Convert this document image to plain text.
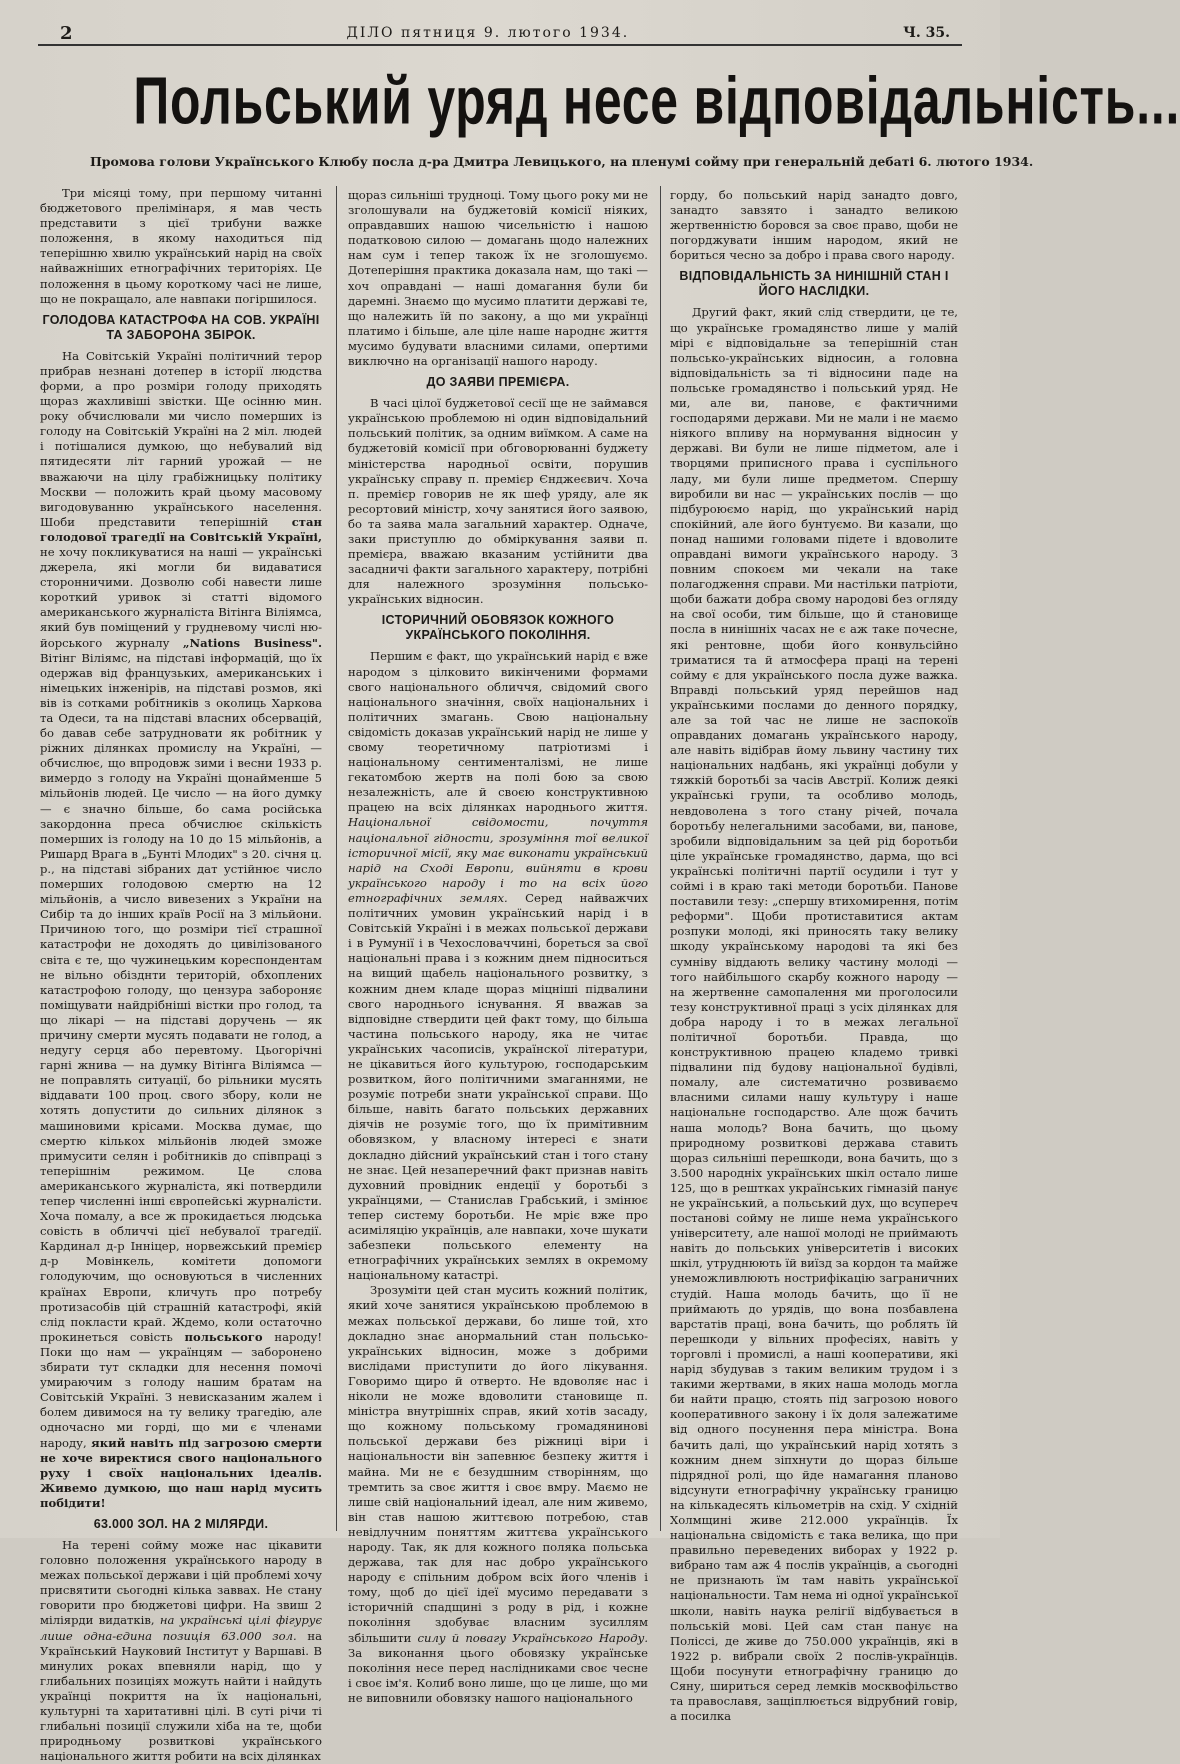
2	ДІЛО пятниця 9. лютого 1934.	Ч. 35.
Польський уряд несе відповідальність...
Промова голови Українського Клюбу посла д-ра Дмитра Левицького, на пленумі сойму при генеральній дебаті 6. лютого 1934.

Три місяці тому, при першому читанні бюджетового прелімінаря, я мав честь представити з цієї трибуни важке положення, в якому находиться під теперішню хвилю український нарід на своїх найважніших етнографічних територіях. Це положення в цьому короткому часі не лише, що не покращало, але навпаки погіршилося.

ГОЛОДОВА КАТАСТРОФА НА СОВ. УКРАЇНІ ТА ЗАБОРОНА ЗБІРОК.

На Совітській Україні політичний терор прибрав незнані дотепер в історії людства форми, а про розміри голоду приходять щораз жахливіші звістки. Ще осінню мин. року обчислювали ми число померших із голоду на Совітській Україні на 2 міл. людей і потішалися думкою, що небувалий від пятидесяти літ гарний урожай — не вважаючи на цілу грабіжницьку політику Москви — положить край цьому масовому вигодовуванню українського населення. Шоби представити теперішній стан голодової трагедії на Совітській Україні, не хочу покликуватися на наші — українські джерела, які могли би видаватися сторонничими. Дозволю собі навести лише короткий уривок зі статті відомого американського журналіста Вітінга Віліямса, який був поміщений у грудневому числі ню-йорського журналу „Nations Business". Вітінг Віліямс, на підставі інформацій, що їх одержав від французьких, американських і німецьких інженірів, на підставі розмов, які вів із сотками робітників з околиць Харкова та Одеси, та на підставі власних обсервацій, бо давав себе затрудновати як робітник у ріжних ділянках промислу на Україні, — обчислює, що впродовж зими і весни 1933 р. вимердо з голоду на Україні щонайменше 5 мільйонів людей. Це число — на його думку — є значно більше, бо сама російська закордонна преса обчислює скількість померших із голоду на 10 до 15 мільйонів, а Ришард Врага в „Бунті Млодих" з 20. січня ц. р., на підставі зібраних дат устійнює число померших голодовою смертю на 12 мільйонів, а число вивезених з України на Сибір та до інших країв Росії на 3 мільйони. Причиною того, що розміри тієї страшної катастрофи не доходять до цивілізованого світа є те, що чужинецьким кореспондентам не вільно обізднти територій, обхоплених катастрофою голоду, що цензура забороняє поміщувати найдрібніші вістки про голод, та що лікарі — на підставі доручень — як причину смерти мусять подавати не голод, а недугу серця або перевтому. Цьогорічні гарні жнива — на думку Вітінга Віліямса — не поправлять ситуації, бо рільники мусять віддавати 100 проц. свого збору, коли не хотять допустити до сильних ділянок з машиновими крісами. Москва думає, що смертю кількох мільйонів людей зможе примусити селян і робітників до співпраці з теперішнім режимом. Це слова американського журналіста, які потвердили тепер численні інші європейські журналісти. Хоча помалу, а все ж прокидається людська совість в обличчі цієї небувалої трагедії. Кардинал д-р Інніцер, норвежський премієр д-р Мовінкель, комітети допомоги голодуючим, що основуються в численних країнах Европи, кличуть про потребу протизасобів цій страшній катастрофі, якій слід покласти край. Ждемо, коли остаточно прокинеться совість польського народу! Поки що нам — українцям — заборонено збирати тут складки для несення помочі умираючим з голоду нашим братам на Совітській Україні. З невисказаним жалем і болем дивимося на ту велику трагедію, але одночасно ми горді, що ми є членами народу, який навіть під загрозою смерти не хоче виректися свого національного руху і своїх національних ідеалів. Живемо думкою, що наш нарід мусить побідити!

63.000 ЗОЛ. НА 2 МІЛЯРДИ.

На терені сойму може нас цікавити головно положення українського народу в межах польської держави і цій проблемі хочу присвятити сьогодні кілька заввах. Не стану говорити про бюджетові цифри. На звиш 2 міліярди видатків, на українські цілі фігурує лише одна-єдина позиція 63.000 зол. на Український Науковий Інститут у Варшаві. В минулих роках впевняли нарід, що у глибальних позиціях можуть найти і найдуть українці покриття на їх національні, культурні та харитативні цілі. В суті річи ті глибальні позиції служили хіба на те, щоби природньому розвиткові українського національного життя робити на всіх ділянках

щораз сильніші трудноці. Тому цього року ми не зголошували на буджетовій комісії ніяких, оправдавших нашою чисельністю і нашою податковою силою — домагань щодо належних нам сум і тепер також їх не зголошуємо. Дотеперішня практика доказала нам, що такі — хоч оправдані — наші домагання були би даремні. Знаємо що мусимо платити державі те, що належить їй по закону, а що ми українці платимо і більше, але ціле наше народнє життя мусимо будувати власними силами, опертими виключно на організації нашого народу.

ДО ЗАЯВИ ПРЕМІЄРА.

В часі цілої буджетової сесії ще не займався українською проблемою ні один відповідальний польський політик, за одним виїмком. А саме на буджетовій комісії при обговорюванні буджету міністерства народньої освіти, порушив українську справу п. премієр Єнджеєвич. Хоча п. премієр говорив не як шеф уряду, але як ресортовий міністр, хочу занятися його заявою, бо та заява мала загальний характер. Одначе, заки приступлю до обміркування заяви п. премієра, вважаю вказаним устійнити два засадничі факти загального характеру, потрібні для належного зрозуміння польсько-українських відносин.

ІСТОРИЧНИЙ ОБОВЯЗОК КОЖНОГО УКРАЇНСЬКОГО ПОКОЛІННЯ.

Першим є факт, що український нарід є вже народом з цілковито викінченими формами свого національного обличчя, свідомий свого національного значіння, своїх національних і політичних змагань. Свою національну свідомість доказав український нарід не лише у свому теоретичному патріотизмі і національному сентименталізмі, не лише гекатомбою жертв на полі бою за свою незалежність, але й своєю конструктивною працею на всіх ділянках народнього життя. Національної свідомости, почуття національної гідности, зрозуміння тої великої історичної місії, яку має виконати український нарід на Сході Европи, вийняти в крови українського народу і то на всіх його етнографічних землях. Серед найважчих політичних умовин український нарід і в Совітській Україні і в межах польської держави і в Румунії і в Чехословаччині, бореться за свої національні права і з кожним днем підноситься на вищий щабель національного розвитку, з кожним днем кладе щораз міцніші підвалини свого народнього існування. Я вважав за відповідне ствердити цей факт тому, що більша частина польського народу, яка не читає українських часописів, українскої літератури, не цікавиться його культурою, господарським розвитком, його політичними змаганнями, не розуміє потреби знати української справи. Що більше, навіть багато польських державних діячів не розуміє того, що їх примітивним обовязком, у власному інтересі є знати докладно дійсний український стан і того стану не знає. Цей незаперечний факт признав навіть духовний провідник ендеції у боротьбі з українцями, — Станислав Грабський, і змінює тепер систему боротьби. Не мріє вже про асиміляцію українців, але навпаки, хоче шукати забезпеки польського елементу на етнографічних українських землях в окремому національному катастрі.

Зрозуміти цей стан мусить кожний політик, який хоче занятися українською проблемою в межах польської держави, бо лише той, хто докладно знає анормальний стан польсько-українських відносин, може з добрими вислідами приступити до його лікування. Говоримо щиро й отверто. Не вдоволяє нас і ніколи не може вдоволити становище п. міністра внутрішніх справ, який хотів засаду, що кожному польському громадянинові польської держави без ріжниці віри і національности він запевнює безпеку життя і майна. Ми не є безудшним створінням, що тремтить за своє життя і своє вмру. Маємо не лише свій національний ідеал, але ним живемо, він став нашою життєвою потребою, став невідлучним поняттям життєва українського народу. Так, як для кожного поляка польська держава, так для нас добро українського народу є спільним добром всіх його членів і тому, щоб до цієї ідеї мусимо передавати з історичній спадщині з роду в рід, і кожне покоління здобуває власним зусиллям збільшити силу й повагу Українського Народу. За виконання цього обовязку українське покоління несе перед наслідниками своє чесне і своє ім'я. Колиб воно лише, що це лише, що ми не виповнили обовязку нашого національного

горду, бо польський нарід занадто довго, занадто завзято і занадто великою жертвенністю боровся за своє право, щоби не погорджувати іншим народом, який не бориться чесно за добро і права свого народу.

ВІДПОВІДАЛЬНІСТЬ ЗА НИНІШНІЙ СТАН І ЙОГО НАСЛІДКИ.

Другий факт, який слід ствердити, це те, що українське громадянство лише у малій мірі є відповідальне за теперішній стан польсько-українських відносин, а головна відповідальність за ті відносини паде на польське громадянство і польський уряд. Не ми, але ви, панове, є фактичними господарями держави. Ми не мали і не маємо ніякого впливу на нормування відносин у державі. Ви були не лише підметом, але і творцями приписного права і суспільного ладу, ми були лише предметом. Спершу виробили ви нас — українських послів — що підбуроюємо нарід, що український нарід спокійний, але його бунтуємо. Ви казали, що понад нашими головами підете і вдоволите оправдані вимоги українського народу. З повним спокоєм ми чекали на таке полагодження справи. Ми настільки патріоти, щоби бажати добра свому народові без огляду на свої особи, тим більше, що й становище посла в нинішніх часах не є аж таке почесне, які рентовне, щоби його конвульсійно триматися та й атмосфера праці на терені сойму є для українського посла дуже важка. Вправді польський уряд перейшов над українськими послами до денного порядку, але за той час не лише не заспокоїв оправданих домагань українського народу, але навіть відібрав йому львину частину тих національних надбань, які українці добули у тяжкій боротьбі за часів Австрії. Колиж деякі українські групи, та особливо молодь, невдоволена з того стану річей, почала боротьбу нелегальними засобами, ви, панове, зробили відповідальним за цей рід боротьби ціле українське громадянство, дарма, що всі українські політичні партії осудили і тут у соймі і в краю такі методи боротьби. Панове поставили тезу: „спершу втихомирення, потім реформи". Щоби протиставитися актам розпуки молоді, які приносять таку велику шкоду українському народові та які без сумніву віддають велику частину молоді — того найбільшого скарбу кожного народу — на жертвенне самопалення ми проголосили тезу конструктивної праці з усіх ділянках для добра народу і то в межах легальної політичної боротьби. Правда, що конструктивною працею кладемо тривкі підвалини під будову національної будівлі, помалу, але систематично розвиваємо власними силами нашу культуру і наше національне господарство. Але щож бачить наша молодь? Вона бачить, що цьому природному розвиткові держава ставить щораз сильніші перешкоди, вона бачить, що з 3.500 народніх українських шкіл остало лише 125, що в рештках українських гімназій панує не український, а польський дух, що всупереч постанові сойму не лише нема українського університету, але нашої молоді не приймають навіть до польських університетів і високих шкіл, утруднюють їй виїзд за кордон та майже унеможливлюють нострифікацію заграничних студій. Наша молодь бачить, що її не приймають до урядів, що вона позбавлена варстатів праці, вона бачить, що роблять їй перешкоди у вільних професіях, навіть у торговлі і промислі, а наші кооперативи, які нарід збудував з таким великим трудом і з такими жертвами, в яких наша молодь могла би найти працю, стоять під загрозою нового кооперативного закону і їх доля залежатиме від одного посунення пера міністра. Вона бачить далі, що український нарід хотять з кожним днем зіпхнути до щораз більше підрядної ролі, що йде намагання планово відсунути етнографічну українську границю на кількадесять кільометрів на схід. У східній Холмщині живе 212.000 українців. Їх національна свідомість є така велика, що при правильно переведених виборах у 1922 р. вибрано там аж 4 послів українців, а сьогодні не признають їм там навіть української національности. Там нема ні одної української школи, навіть наука релігії відбувається в польській мові. Цей сам стан панує на Поліссі, де живе до 750.000 українців, які в 1922 р. вибрали своїх 2 послів-українців. Щоби посунути етнографічну границю до Сяну, шириться серед лемків москвофільство та православя, защіплюється відрубний говір, а посилка
